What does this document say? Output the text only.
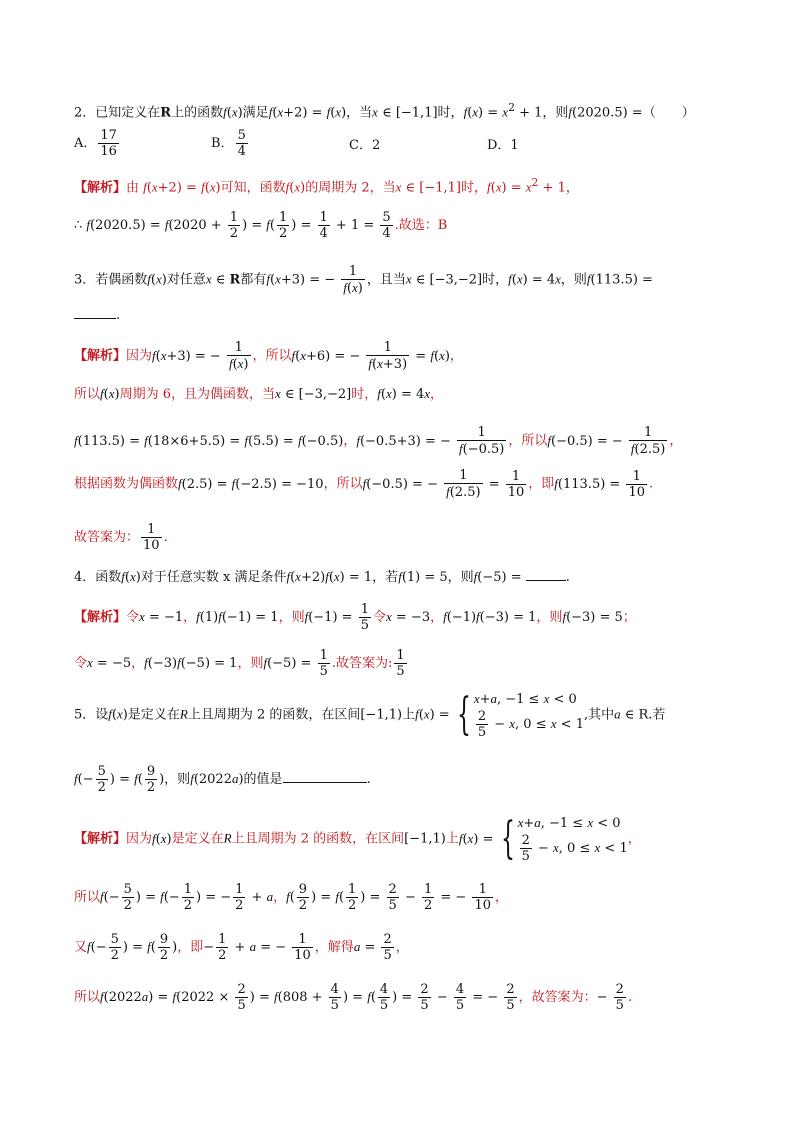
2．已知定义在R上的函数f(x)满足f(x+2) = f(x)，当x ∈ [−1,1]时，$f(x) = x^2 + 1$，则f(2020.5) =（　　）
A． $\frac{17}{16}$	B． $\frac{5}{4}$	C．2	D．1
【解析】由 f(x+2) = f(x)可知，函数f(x)的周期为 2，当x ∈ [−1,1]时，$f(x) = x^2 + 1$，
∴ $f(2020.5) = f(2020 + \frac{1}{2}$ ) = $f( \frac{1}{2}$ ) = $\frac{1}{4} + 1 = \frac{5}{4}$ .故选：B
3．若偶函数f(x)对任意x ∈ R都有f(x+3) = − $\frac{1}{f(x)}$ ，且当x ∈ [−3,−2]时，f(x) = 4x，则f(113.5) =
.
【解析】因为f(x+3) = − $\frac{1}{f(x)}$ ，所以f(x+6) = − $\frac{1}{f(x+3)} = f(x)$，
所以f(x)周期为 6，且为偶函数，当x ∈ [−3,−2]时，f(x) = 4x，
f(113.5) = f(18×6+5.5) = f(5.5) = f(−0.5)，f(−0.5+3) = − $\frac{1}{f(-0.5)}$ ，所以f(−0.5) = − $\frac{1}{f(2.5)}$ ，
根据函数为偶函数f(2.5) = f(−2.5) = −10，所以f(−0.5) = − $\frac{1}{f(2.5)} = \frac{1}{10}$ ，即$f(113.5) = \frac{1}{10}$ .
故答案为： $\frac{1}{10}$ .
4．函数f(x)对于任意实数 x 满足条件f(x+2)f(x) = 1，若f(1) = 5，则f(−5) =	.
【解析】令x = −1，f(1)f(−1) = 1，则$f(-1) = \frac{1}{5}$ 令x = −3，f(−1)f(−3) = 1，则f(−3) = 5；
令x = −5，f(−3)f(−5) = 1，则$f(-5) = \frac{1}{5}$ .故答案为: $\frac{1}{5}$
5．设f(x)是定义在R上且周期为 2 的函数，在区间[−1,1)上f(x) = { x+a, −1 ≤ x < 0
$\frac{2}{5} - x$, 0 ≤ x < 1
,其中a ∈ R.若
$f(- \frac{5}{2}$ ) = $f( \frac{9}{2}$ )，则f(2022a)的值是	.
【解析】因为f(x)是定义在R上且周期为 2 的函数，在区间[−1,1)上f(x) = { x+a, −1 ≤ x < 0
$\frac{2}{5} - x$, 0 ≤ x < 1
，
所以$f(- \frac{5}{2}$ ) = $f(- \frac{1}{2}$ ) = − $\frac{1}{2} + a$，$f( \frac{9}{2}$ ) = $f( \frac{1}{2}$ ) = $\frac{2}{5} - \frac{1}{2}$ = − $\frac{1}{10}$ ，
又$f(- \frac{5}{2}$ ) = $f( \frac{9}{2}$ )，即− $\frac{1}{2} + a$ = − $\frac{1}{10}$ ，解得$a = \frac{2}{5}$ ，
所以$f(2022a) = f(2022 \times \frac{2}{5}$ ) = $f(808 + \frac{4}{5}$ ) = $f( \frac{4}{5}$ ) = $\frac{2}{5} - \frac{4}{5}$ = − $\frac{2}{5}$ ，故答案为：− $\frac{2}{5}$ .
